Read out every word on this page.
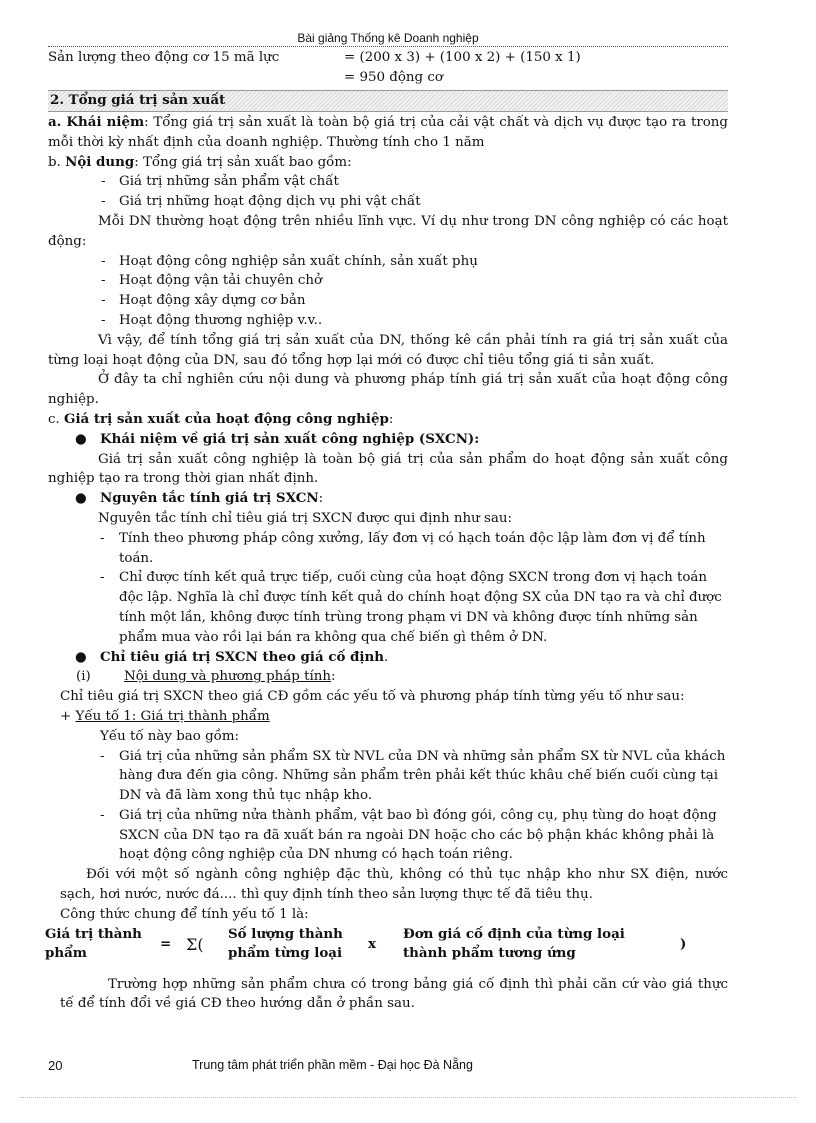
Bài giảng Thống kê Doanh nghiệp
Sản lượng theo động cơ 15 mã lực	= (200 x 3) + (100 x 2) + (150 x 1)
= 950 động cơ
2. Tổng giá trị sản xuất

a. Khái niệm: Tổng giá trị sản xuất là toàn bộ giá trị của cải vật chất và dịch vụ được tạo ra trong mỗi thời kỳ nhất định của doanh nghiệp. Thường tính cho 1 năm

b. Nội dung: Tổng giá trị sản xuất bao gồm:

- Giá trị những sản phẩm vật chất
- Giá trị những hoạt động dịch vụ phi vật chất

Mỗi DN thường hoạt động trên nhiều lĩnh vực. Ví dụ như trong DN công nghiệp có các hoạt động:

- Hoạt động công nghiệp sản xuất chính, sản xuất phụ
- Hoạt động vận tải chuyên chở
- Hoạt động xây dựng cơ bản
- Hoạt động thương nghiệp v.v..

Vì vậy, để tính tổng giá trị sản xuất của DN, thống kê cần phải tính ra giá trị sản xuất của từng loại hoạt động của DN, sau đó tổng hợp lại mới có được chỉ tiêu tổng giá ti sản xuất.

Ở đây ta chỉ nghiên cứu nội dung và phương pháp tính giá trị sản xuất của hoạt động công nghiệp.

c. Giá trị sản xuất của hoạt động công nghiệp:

● Khái niệm về giá trị sản xuất công nghiệp (SXCN):

Giá trị sản xuất công nghiệp là toàn bộ giá trị của sản phẩm do hoạt động sản xuất công nghiệp tạo ra trong thời gian nhất định.

● Nguyên tắc tính giá trị SXCN:

Nguyên tắc tính chỉ tiêu giá trị SXCN được qui định như sau:

- Tính theo phương pháp công xưởng, lấy đơn vị có hạch toán độc lập làm đơn vị để tính toán.
- Chỉ được tính kết quả trực tiếp, cuối cùng của hoạt động SXCN trong đơn vị hạch toán độc lập. Nghĩa là chỉ được tính kết quả do chính hoạt động SX của DN tạo ra và chỉ được tính một lần, không được tính trùng trong phạm vi DN và không được tính những sản phẩm mua vào rồi lại bán ra không qua chế biến gì thêm ở DN.
● Chỉ tiêu giá trị SXCN theo giá cố định.
(i) Nội dung và phương pháp tính:

Chỉ tiêu giá trị SXCN theo giá CĐ gồm các yếu tố và phương pháp tính từng yếu tố như sau:

+ Yếu tố 1: Giá trị thành phẩm

Yếu tố này bao gồm:

- Giá trị của những sản phẩm SX từ NVL của DN và những sản phẩm SX từ NVL của khách hàng đưa đến gia công. Những sản phẩm trên phải kết thúc khâu chế biến cuối cùng tại DN và đã làm xong thủ tục nhập kho.
- Giá trị của những nửa thành phẩm, vật bao bì đóng gói, công cụ, phụ tùng do hoạt động SXCN của DN tạo ra đã xuất bán ra ngoài DN hoặc cho các bộ phận khác không phải là hoạt động công nghiệp của DN nhưng có hạch toán riêng.

Đối với một số ngành công nghiệp đặc thù, không có thủ tục nhập kho như SX điện, nước sạch, hơi nước, nước đá.... thì quy định tính theo sản lượng thực tế đã tiêu thụ.

Công thức chung để tính yếu tố 1 là:

Giá trị thành
phẩm
= Σ(
Số lượng thành
phẩm từng loại
x
Đơn giá cố định của từng loại
thành phẩm tương ứng
)

Trường hợp những sản phẩm chưa có trong bảng giá cố định thì phải căn cứ vào giá thực tế để tính đổi về giá CĐ theo hướng dẫn ở phần sau.

20	Trung tâm phát triển phần mềm - Đại học Đà Nẵng
